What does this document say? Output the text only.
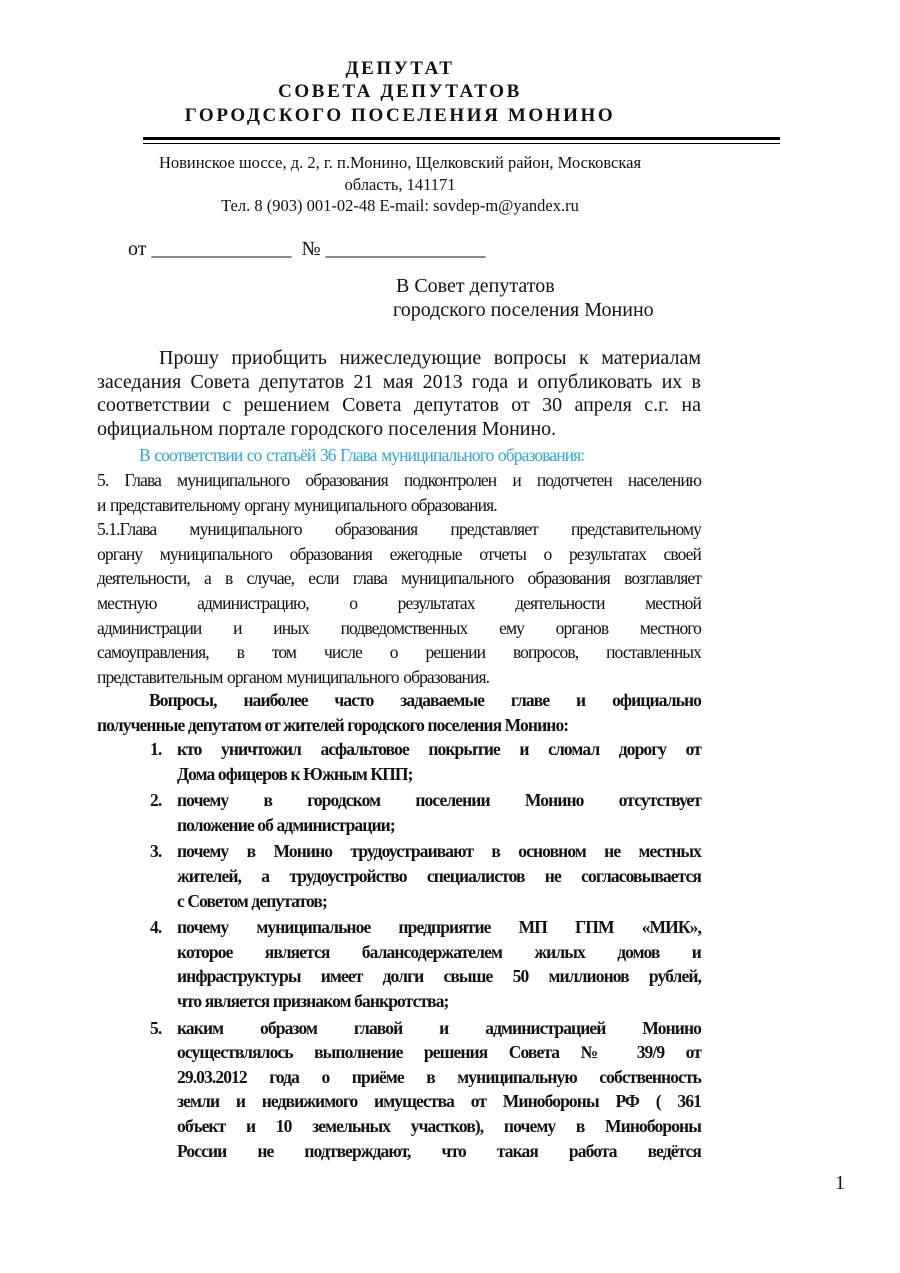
ДЕПУТАТ
СОВЕТА ДЕПУТАТОВ
ГОРОДСКОГО ПОСЕЛЕНИЯ МОНИНО
Новинское шоссе, д. 2, г. п.Монино, Щелковский район, Московская
область, 141171
Тел. 8 (903) 001-02-48 E-mail: sovdep-m@yandex.ru
от ______________  № ________________
В Совет депутатов
городского поселения Монино
Прошу приобщить нижеследующие вопросы к материалам
заседания Совета депутатов 21 мая 2013 года и опубликовать их в
соответствии с решением Совета депутатов от 30 апреля с.г. на
официальном портале городского поселения Монино.
В соответствии со статьёй 36 Глава муниципального образования:
5. Глава муниципального образования подконтролен и подотчетен населению
и представительному органу муниципального образования.
5.1.Глава муниципального образования представляет представительному
органу муниципального образования ежегодные отчеты о результатах своей
деятельности, а в случае, если глава муниципального образования возглавляет
местную администрацию, о результатах деятельности местной
администрации и иных подведомственных ему органов местного
самоуправления, в том числе о решении вопросов, поставленных
представительным органом муниципального образования.
Вопросы, наиболее часто задаваемые главе и официально
полученные депутатом от жителей городского поселения Монино:
1. кто уничтожил асфальтовое покрытие и сломал дорогу от
Дома офицеров к Южным КПП;
2. почему в городском поселении Монино отсутствует
положение об администрации;
3. почему в Монино трудоустраивают в основном не местных
жителей, а трудоустройство специалистов не согласовывается
с Советом депутатов;
4. почему муниципальное предприятие МП ГПМ «МИК»,
которое является балансодержателем жилых домов и
инфраструктуры имеет долги свыше 50 миллионов рублей,
что является признаком банкротства;
5. каким образом главой и администрацией Монино
осуществлялось выполнение решения Совета № 39/9 от
29.03.2012 года о приёме в муниципальную собственность
земли и недвижимого имущества от Минобороны РФ ( 361
объект и 10 земельных участков), почему в Минобороны
России не подтверждают, что такая работа ведётся
1
